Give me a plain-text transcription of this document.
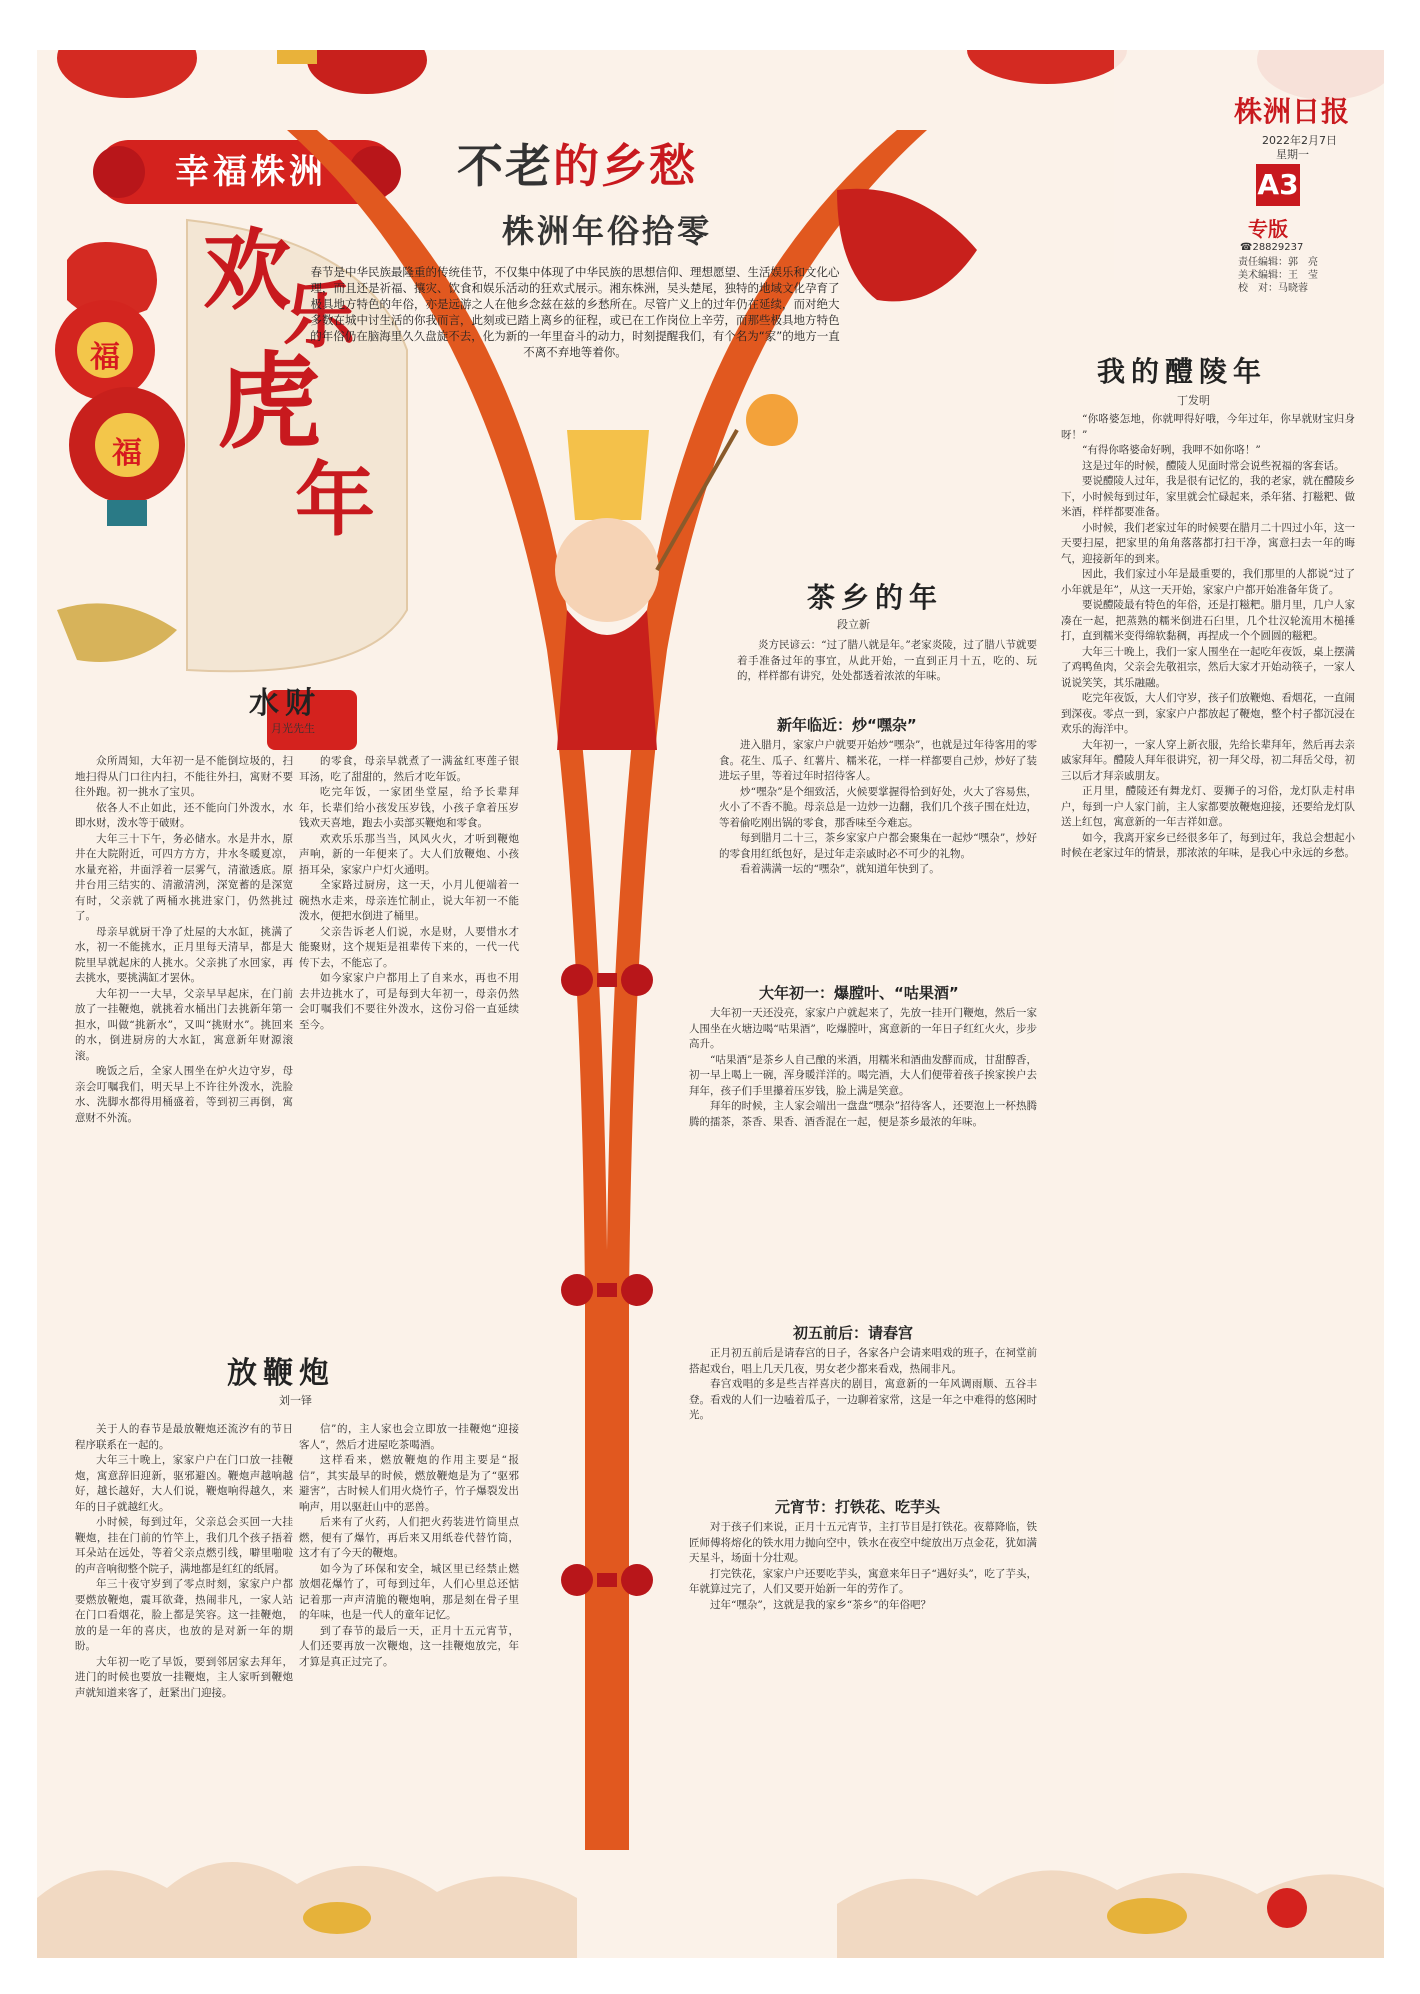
幸福株洲
福
福
欢
乐
虎
年
株洲日报
2022年2月7日
星期一
A3
专版
☎28829237
责任编辑：郭　亮
美术编辑：王　莹
校　对：马晓蓉
不老的乡愁
株洲年俗拾零
春节是中华民族最隆重的传统佳节，不仅集中体现了中华民族的思想信仰、理想愿望、生活娱乐和文化心理，而且还是祈福、攘灾、饮食和娱乐活动的狂欢式展示。湘东株洲，吴头楚尾，独特的地域文化孕育了极具地方特色的年俗，亦是远游之人在他乡念兹在兹的乡愁所在。尽管广义上的过年仍在延续，而对绝大多数在城中讨生活的你我而言，此刻或已踏上离乡的征程，或已在工作岗位上辛劳，而那些极具地方特色的年俗仍在脑海里久久盘旋不去，化为新的一年里奋斗的动力，时刻提醒我们，有个名为“家”的地方一直不离不弃地等着你。
水财
月光先生

众所周知，大年初一是不能倒垃圾的，扫地扫得从门口往内扫，不能往外扫，寓财不要往外跑。初一挑水了宝贝。

依各人不止如此，还不能向门外泼水，水即水财，泼水等于破财。

大年三十下午，务必储水。水是井水，原井在大院附近，可四方方方，井水冬暖夏凉，水量充裕，井面浮着一层雾气，清澈透底。原井台用三结实的、清澈清洌，深宽蓄的是深宽有时，父亲就了两桶水挑进家门，仍然挑过了。

母亲早就厨干净了灶屋的大水缸，挑满了水，初一不能挑水，正月里每天清早，都是大院里早就起床的人挑水。父亲挑了水回家，再去挑水，要挑满缸才罢休。

大年初一一大早，父亲早早起床，在门前放了一挂鞭炮，就挑着水桶出门去挑新年第一担水，叫做“挑新水”，又叫“挑财水”。挑回来的水，倒进厨房的大水缸，寓意新年财源滚滚。

晚饭之后，全家人围坐在炉火边守岁，母亲会叮嘱我们，明天早上不许往外泼水，洗脸水、洗脚水都得用桶盛着，等到初三再倒，寓意财不外流。

的零食，母亲早就煮了一满盆红枣莲子银耳汤，吃了甜甜的，然后才吃年饭。

吃完年饭，一家团坐堂屋，给予长辈拜年，长辈们给小孩发压岁钱，小孩子拿着压岁钱欢天喜地，跑去小卖部买鞭炮和零食。

欢欢乐乐那当当，风风火火，才听到鞭炮声响，新的一年便来了。大人们放鞭炮、小孩捂耳朵，家家户户灯火通明。

全家路过厨房，这一天，小月儿便端着一碗热水走来，母亲连忙制止，说大年初一不能泼水，便把水倒进了桶里。

父亲告诉老人们说，水是财，人要惜水才能聚财，这个规矩是祖辈传下来的，一代一代传下去，不能忘了。

如今家家户户都用上了自来水，再也不用去井边挑水了，可是每到大年初一，母亲仍然会叮嘱我们不要往外泼水，这份习俗一直延续至今。

放鞭炮
刘一铎

关于人的春节是最放鞭炮还流汐有的节日程序联系在一起的。

大年三十晚上，家家户户在门口放一挂鞭炮，寓意辞旧迎新，驱邪避凶。鞭炮声越响越好，越长越好，大人们说，鞭炮响得越久，来年的日子就越红火。

小时候，每到过年，父亲总会买回一大挂鞭炮，挂在门前的竹竿上，我们几个孩子捂着耳朵站在远处，等着父亲点燃引线，噼里啪啦的声音响彻整个院子，满地都是红红的纸屑。

年三十夜守岁到了零点时刻，家家户户都要燃放鞭炮，震耳欲聋，热闹非凡，一家人站在门口看烟花，脸上都是笑容。这一挂鞭炮，放的是一年的喜庆，也放的是对新一年的期盼。

大年初一吃了早饭，要到邻居家去拜年，进门的时候也要放一挂鞭炮，主人家听到鞭炮声就知道来客了，赶紧出门迎接。

信”的，主人家也会立即放一挂鞭炮“迎接客人”，然后才进屋吃茶喝酒。

这样看来，燃放鞭炮的作用主要是“报信”，其实最早的时候，燃放鞭炮是为了“驱邪避害”，古时候人们用火烧竹子，竹子爆裂发出响声，用以驱赶山中的恶兽。

后来有了火药，人们把火药装进竹筒里点燃，便有了爆竹，再后来又用纸卷代替竹筒，这才有了今天的鞭炮。

如今为了环保和安全，城区里已经禁止燃放烟花爆竹了，可每到过年，人们心里总还惦记着那一声声清脆的鞭炮响，那是刻在骨子里的年味，也是一代人的童年记忆。

到了春节的最后一天，正月十五元宵节，人们还要再放一次鞭炮，这一挂鞭炮放完，年才算是真正过完了。

茶乡的年
段立新

炎方民谚云：“过了腊八就是年。”老家炎陵，过了腊八节就要着手准备过年的事宜，从此开始，一直到正月十五，吃的、玩的，样样都有讲究，处处都透着浓浓的年味。

新年临近：炒“嘿杂”

进入腊月，家家户户就要开始炒“嘿杂”，也就是过年待客用的零食。花生、瓜子、红薯片、糯米花，一样一样都要自己炒，炒好了装进坛子里，等着过年时招待客人。

炒“嘿杂”是个细致活，火候要掌握得恰到好处，火大了容易焦，火小了不香不脆。母亲总是一边炒一边翻，我们几个孩子围在灶边，等着偷吃刚出锅的零食，那香味至今难忘。

每到腊月二十三，茶乡家家户户都会聚集在一起炒“嘿杂”，炒好的零食用红纸包好，是过年走亲戚时必不可少的礼物。

看着满满一坛的“嘿杂”，就知道年快到了。

大年初一：爆膛叶、“咕果酒”

大年初一天还没亮，家家户户就起来了，先放一挂开门鞭炮，然后一家人围坐在火塘边喝“咕果酒”，吃爆膛叶，寓意新的一年日子红红火火，步步高升。

“咕果酒”是茶乡人自己酿的米酒，用糯米和酒曲发酵而成，甘甜醇香，初一早上喝上一碗，浑身暖洋洋的。喝完酒，大人们便带着孩子挨家挨户去拜年，孩子们手里攥着压岁钱，脸上满是笑意。

拜年的时候，主人家会端出一盘盘“嘿杂”招待客人，还要泡上一杯热腾腾的擂茶，茶香、果香、酒香混在一起，便是茶乡最浓的年味。

初五前后：请春宫

正月初五前后是请春宫的日子，各家各户会请来唱戏的班子，在祠堂前搭起戏台，唱上几天几夜，男女老少都来看戏，热闹非凡。

春宫戏唱的多是些吉祥喜庆的剧目，寓意新的一年风调雨顺、五谷丰登。看戏的人们一边嗑着瓜子，一边聊着家常，这是一年之中难得的悠闲时光。

元宵节：打铁花、吃芋头

对于孩子们来说，正月十五元宵节，主打节目是打铁花。夜幕降临，铁匠师傅将熔化的铁水用力抛向空中，铁水在夜空中绽放出万点金花，犹如满天星斗，场面十分壮观。

打完铁花，家家户户还要吃芋头，寓意来年日子“遇好头”，吃了芋头，年就算过完了，人们又要开始新一年的劳作了。

过年“嘿杂”，这就是我的家乡“茶乡”的年俗吧？

我的醴陵年
丁发明

“你咯婆怎地，你就呷得好哦，今年过年，你早就财宝归身呀！”

“有得你咯婆命好咧，我呷不如你咯！”

这是过年的时候，醴陵人见面时常会说些祝福的客套话。

要说醴陵人过年，我是很有记忆的，我的老家，就在醴陵乡下，小时候每到过年，家里就会忙碌起来，杀年猪、打糍粑、做米酒，样样都要准备。

小时候，我们老家过年的时候要在腊月二十四过小年，这一天要扫屋，把家里的角角落落都打扫干净，寓意扫去一年的晦气，迎接新年的到来。

因此，我们家过小年是最重要的，我们那里的人都说“过了小年就是年”，从这一天开始，家家户户都开始准备年货了。

要说醴陵最有特色的年俗，还是打糍粑。腊月里，几户人家凑在一起，把蒸熟的糯米倒进石臼里，几个壮汉轮流用木槌捶打，直到糯米变得绵软黏稠，再捏成一个个圆圆的糍粑。

大年三十晚上，我们一家人围坐在一起吃年夜饭，桌上摆满了鸡鸭鱼肉，父亲会先敬祖宗，然后大家才开始动筷子，一家人说说笑笑，其乐融融。

吃完年夜饭，大人们守岁，孩子们放鞭炮、看烟花，一直闹到深夜。零点一到，家家户户都放起了鞭炮，整个村子都沉浸在欢乐的海洋中。

大年初一，一家人穿上新衣服，先给长辈拜年，然后再去亲戚家拜年。醴陵人拜年很讲究，初一拜父母，初二拜岳父母，初三以后才拜亲戚朋友。

正月里，醴陵还有舞龙灯、耍狮子的习俗，龙灯队走村串户，每到一户人家门前，主人家都要放鞭炮迎接，还要给龙灯队送上红包，寓意新的一年吉祥如意。

如今，我离开家乡已经很多年了，每到过年，我总会想起小时候在老家过年的情景，那浓浓的年味，是我心中永远的乡愁。
